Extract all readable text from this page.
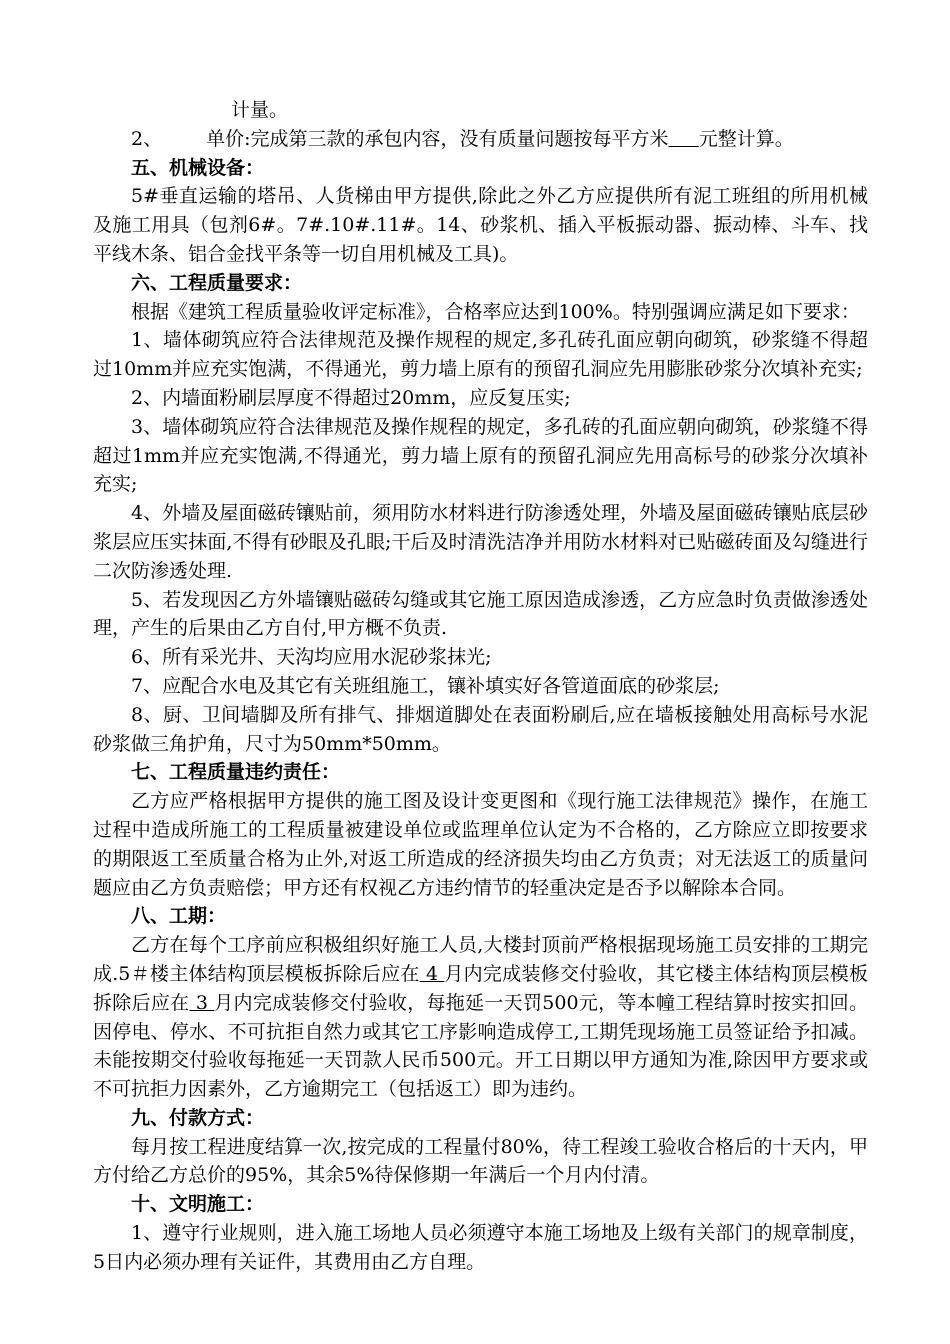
计量。

2、 单价:完成第三款的承包内容，没有质量问题按每平方米 元整计算。

五、机械设备：

5#垂直运输的塔吊、人货梯由甲方提供,除此之外乙方应提供所有泥工班组的所用机械及施工用具（包剂6#。7#.10#.11#。14、砂浆机、插入平板振动器、振动棒、斗车、找平线木条、铝合金找平条等一切自用机械及工具)。

六、工程质量要求：

根据《建筑工程质量验收评定标准》，合格率应达到100%。特别强调应满足如下要求：

1、墙体砌筑应符合法律规范及操作规程的规定,多孔砖孔面应朝向砌筑，砂浆缝不得超过10mm并应充实饱满，不得通光，剪力墙上原有的预留孔洞应先用膨胀砂浆分次填补充实;

2、内墙面粉刷层厚度不得超过20mm，应反复压实;

3、墙体砌筑应符合法律规范及操作规程的规定，多孔砖的孔面应朝向砌筑，砂浆缝不得超过1mm并应充实饱满,不得通光，剪力墙上原有的预留孔洞应先用高标号的砂浆分次填补充实;

4、外墙及屋面磁砖镶贴前，须用防水材料进行防渗透处理，外墙及屋面磁砖镶贴底层砂浆层应压实抹面,不得有砂眼及孔眼;干后及时清洗洁净并用防水材料对已贴磁砖面及勾缝进行二次防渗透处理.

5、若发现因乙方外墙镶贴磁砖勾缝或其它施工原因造成渗透，乙方应急时负责做渗透处理，产生的后果由乙方自付,甲方概不负责.

6、所有采光井、天沟均应用水泥砂浆抹光;

7、应配合水电及其它有关班组施工，镶补填实好各管道面底的砂浆层;

8、厨、卫间墙脚及所有排气、排烟道脚处在表面粉刷后,应在墙板接触处用高标号水泥砂浆做三角护角，尺寸为50mm*50mm。

七、工程质量违约责任：

乙方应严格根据甲方提供的施工图及设计变更图和《现行施工法律规范》操作，在施工过程中造成所施工的工程质量被建设单位或监理单位认定为不合格的，乙方除应立即按要求的期限返工至质量合格为止外,对返工所造成的经济损失均由乙方负责；对无法返工的质量问题应由乙方负责赔偿；甲方还有权视乙方违约情节的轻重决定是否予以解除本合同。

八、工期：

乙方在每个工序前应积极组织好施工人员,大楼封顶前严格根据现场施工员安排的工期完成.5＃楼主体结构顶层模板拆除后应在 4 月内完成装修交付验收，其它楼主体结构顶层模板拆除后应在 3 月内完成装修交付验收，每拖延一天罚500元，等本幢工程结算时按实扣回。因停电、停水、不可抗拒自然力或其它工序影响造成停工,工期凭现场施工员签证给予扣减。未能按期交付验收每拖延一天罚款人民币500元。开工日期以甲方通知为准,除因甲方要求或不可抗拒力因素外，乙方逾期完工（包括返工）即为违约。

九、付款方式：

每月按工程进度结算一次,按完成的工程量付80%，待工程竣工验收合格后的十天内，甲方付给乙方总价的95%，其余5%待保修期一年满后一个月内付清。

十、文明施工：

1、遵守行业规则，进入施工场地人员必须遵守本施工场地及上级有关部门的规章制度，5日内必须办理有关证件，其费用由乙方自理。
